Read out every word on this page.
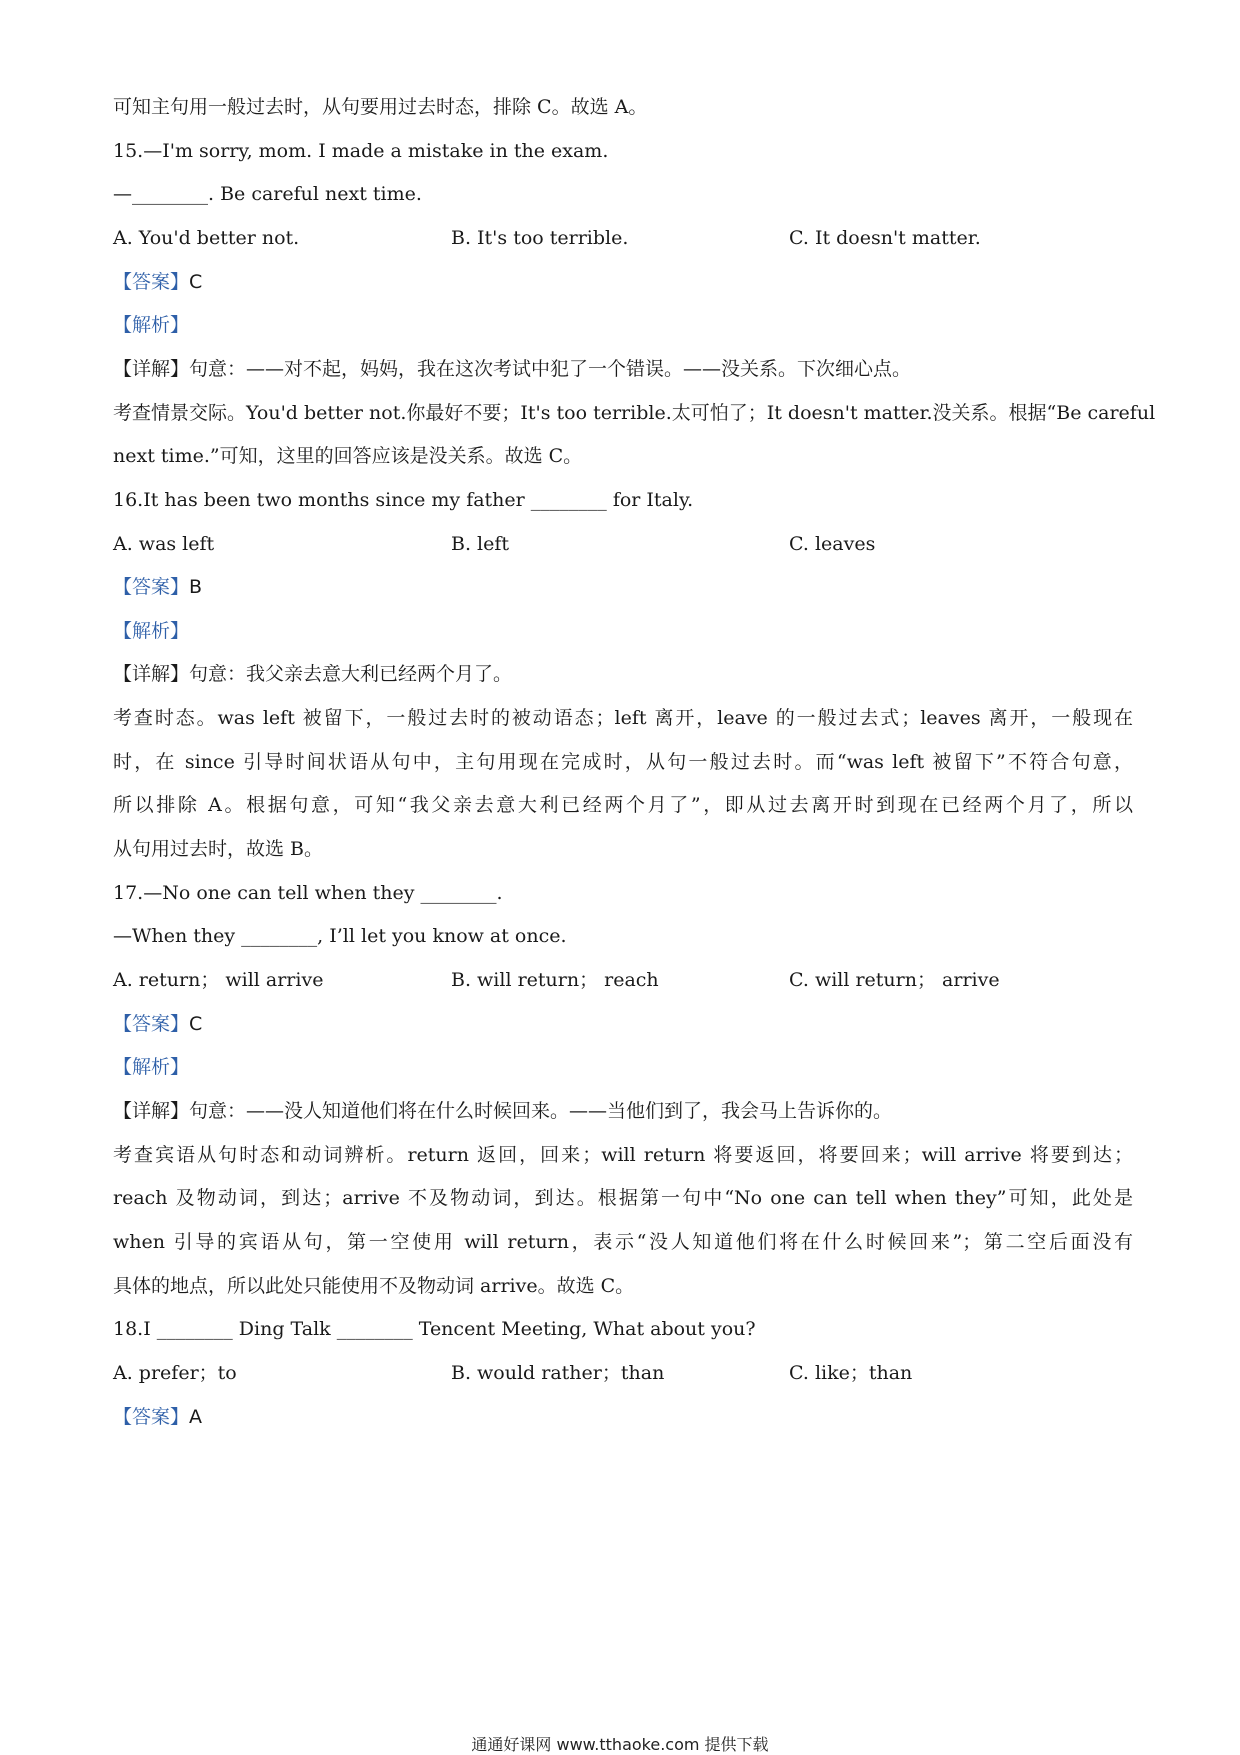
可知主句用一般过去时，从句要用过去时态，排除 C。故选 A。
15.—I'm sorry, mom. I made a mistake in the exam.
—________. Be careful next time.
A. You'd better not.	B. It's too terrible.	C. It doesn't matter.
【答案】C
【解析】
【详解】句意：——对不起，妈妈，我在这次考试中犯了一个错误。——没关系。下次细心点。
考查情景交际。You'd better not.你最好不要；It's too terrible.太可怕了；It doesn't matter.没关系。根据“Be careful
next time.”可知，这里的回答应该是没关系。故选 C。
16.It has been two months since my father ________ for Italy.
A. was left	B. left	C. leaves
【答案】B
【解析】
【详解】句意：我父亲去意大利已经两个月了。
考查时态。was left 被留下，一般过去时的被动语态；left 离开，leave 的一般过去式；leaves 离开，一般现在
时，在 since 引导时间状语从句中，主句用现在完成时，从句一般过去时。而“was left 被留下”不符合句意，
所以排除 A。根据句意，可知“我父亲去意大利已经两个月了”，即从过去离开时到现在已经两个月了，所以
从句用过去时，故选 B。
17.—No one can tell when they ________.
—When they ________, I’ll let you know at once.
A. return； will arrive	B. will return； reach	C. will return； arrive
【答案】C
【解析】
【详解】句意：——没人知道他们将在什么时候回来。——当他们到了，我会马上告诉你的。
考查宾语从句时态和动词辨析。return 返回，回来；will return 将要返回，将要回来；will arrive 将要到达；
reach 及物动词，到达；arrive 不及物动词，到达。根据第一句中“No one can tell when they”可知，此处是
when 引导的宾语从句，第一空使用 will return，表示“没人知道他们将在什么时候回来”；第二空后面没有
具体的地点，所以此处只能使用不及物动词 arrive。故选 C。
18.I ________ Ding Talk ________ Tencent Meeting, What about you?
A. prefer；to	B. would rather；than	C. like；than
【答案】A
通通好课网 www.tthaoke.com 提供下载
